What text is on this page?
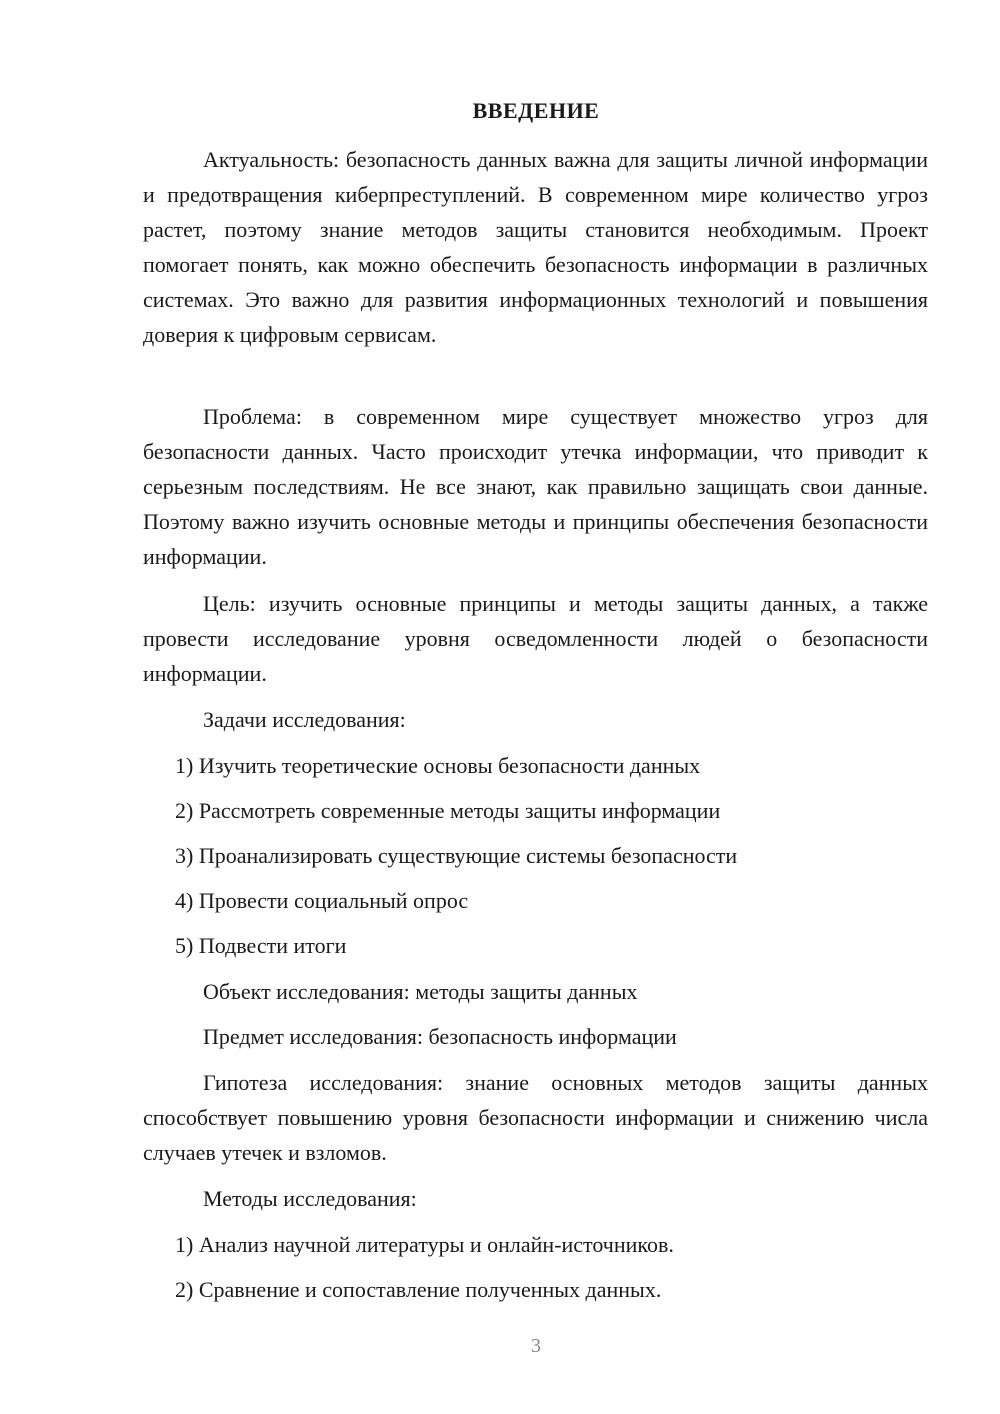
ВВЕДЕНИЕ

Актуальность: безопасность данных важна для защиты личной информации и предотвращения киберпреступлений. В современном мире количество угроз растет, поэтому знание методов защиты становится необходимым. Проект помогает понять, как можно обеспечить безопасность информации в различных системах. Это важно для развития информационных технологий и повышения доверия к цифровым сервисам.

Проблема: в современном мире существует множество угроз для безопасности данных. Часто происходит утечка информации, что приводит к серьезным последствиям. Не все знают, как правильно защищать свои данные. Поэтому важно изучить основные методы и принципы обеспечения безопасности информации.

Цель: изучить основные принципы и методы защиты данных, а также провести исследование уровня осведомленности людей о безопасности информации.

Задачи исследования:

1) Изучить теоретические основы безопасности данных

2) Рассмотреть современные методы защиты информации

3) Проанализировать существующие системы безопасности

4) Провести социальный опрос

5) Подвести итоги

Объект исследования: методы защиты данных

Предмет исследования: безопасность информации

Гипотеза исследования: знание основных методов защиты данных способствует повышению уровня безопасности информации и снижению числа случаев утечек и взломов.

Методы исследования:

1) Анализ научной литературы и онлайн-источников.

2) Сравнение и сопоставление полученных данных.

3
